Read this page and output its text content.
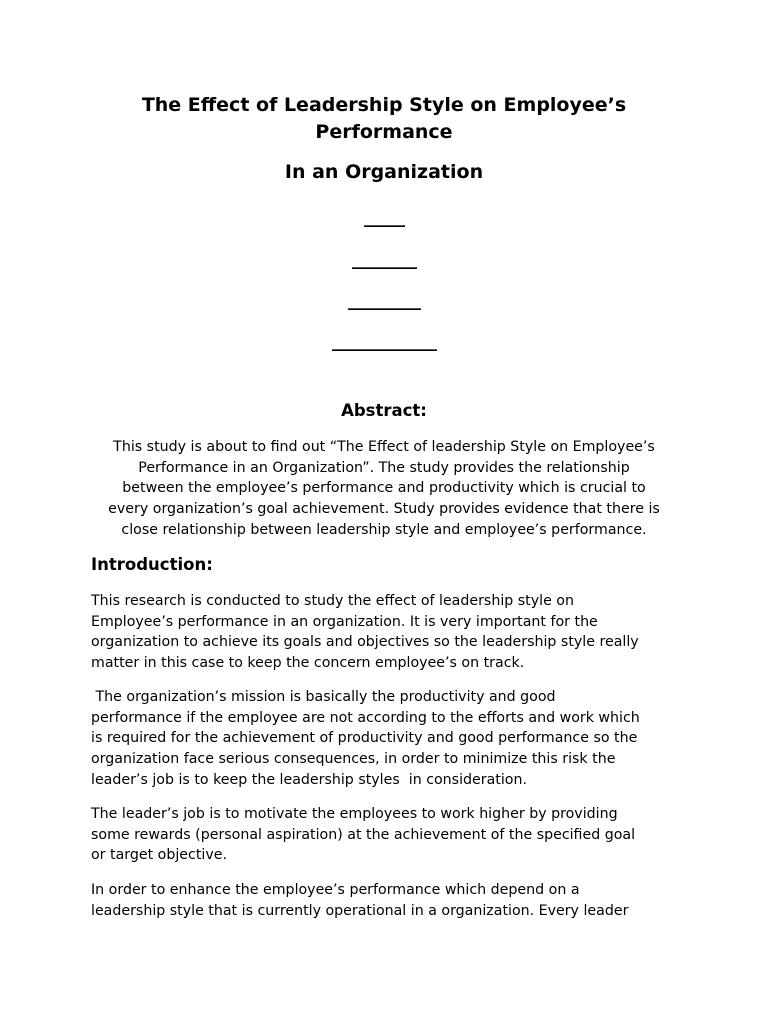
The Effect of Leadership Style on Employee’s
Performance
In an Organization

_____

________

_________

_____________

Abstract:

This study is about to find out “The Effect of leadership Style on Employee’s
Performance in an Organization”. The study provides the relationship
between the employee’s performance and productivity which is crucial to
every organization’s goal achievement. Study provides evidence that there is
close relationship between leadership style and employee’s performance.

Introduction:

This research is conducted to study the effect of leadership style on
Employee’s performance in an organization. It is very important for the
organization to achieve its goals and objectives so the leadership style really
matter in this case to keep the concern employee’s on track.

The organization’s mission is basically the productivity and good
performance if the employee are not according to the efforts and work which
is required for the achievement of productivity and good performance so the
organization face serious consequences, in order to minimize this risk the
leader’s job is to keep the leadership styles  in consideration.

The leader’s job is to motivate the employees to work higher by providing
some rewards (personal aspiration) at the achievement of the specified goal
or target objective.

In order to enhance the employee’s performance which depend on a
leadership style that is currently operational in a organization. Every leader
